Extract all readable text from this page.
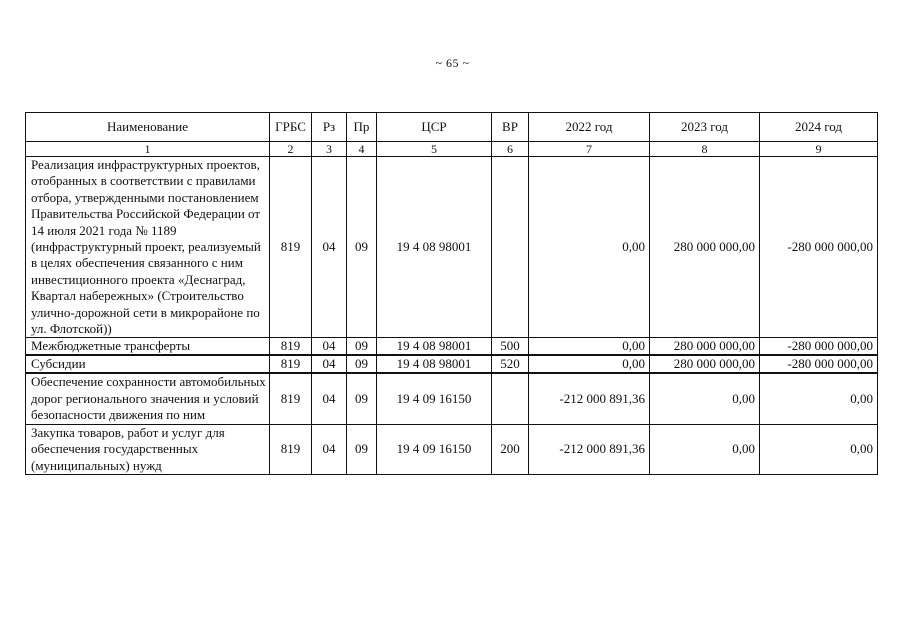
~ 65 ~
Наименование	ГРБС	Рз	Пр	ЦСР	ВР	2022 год	2023 год	2024 год
1	2	3	4	5	6	7	8	9
Реализация инфраструктурных проектов, отобранных в соответствии с правилами отбора, утвержденными постановлением Правительства Российской Федерации от 14 июля 2021 года № 1189 (инфраструктурный проект, реализуемый в целях обеспечения связанного с ним инвестиционного проекта «Деснаград, Квартал набережных» (Строительство улично-дорожной сети в микрорайоне по ул. Флотской))	819	04	09	19 4 08 98001		0,00	280 000 000,00	-280 000 000,00
Межбюджетные трансферты	819	04	09	19 4 08 98001	500	0,00	280 000 000,00	-280 000 000,00
Субсидии	819	04	09	19 4 08 98001	520	0,00	280 000 000,00	-280 000 000,00
Обеспечение сохранности автомобильных дорог регионального значения и условий безопасности движения по ним	819	04	09	19 4 09 16150		-212 000 891,36	0,00	0,00
Закупка товаров, работ и услуг для обеспечения государственных (муниципальных) нужд	819	04	09	19 4 09 16150	200	-212 000 891,36	0,00	0,00
